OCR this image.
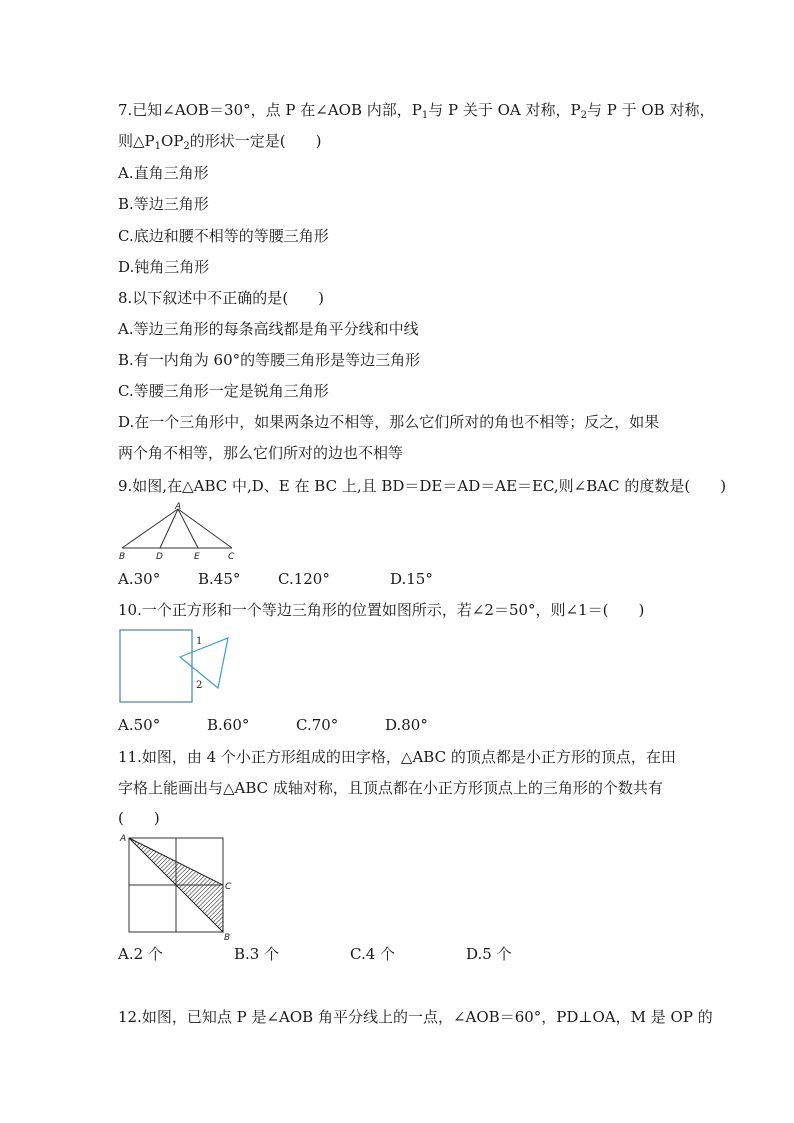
7.已知∠AOB＝30°，点 P 在∠AOB 内部，$P_1$与 P 关于 OA 对称，$P_2$与 P 于 OB 对称，
则$\triangle P_1OP_2$的形状一定是(　　)
A.直角三角形
B.等边三角形
C.底边和腰不相等的等腰三角形
D.钝角三角形
8.以下叙述中不正确的是(　　)
A.等边三角形的每条高线都是角平分线和中线
B.有一内角为 60°的等腰三角形是等边三角形
C.等腰三角形一定是锐角三角形
D.在一个三角形中，如果两条边不相等，那么它们所对的角也不相等；反之，如果
两个角不相等，那么它们所对的边也不相等
9.如图,在△ABC 中,D、E 在 BC 上,且 BD＝DE＝AD＝AE＝EC,则∠BAC 的度数是(　　)
A
B	D	E	C
A.30°	B.45°	C.120°	D.15°
10.一个正方形和一个等边三角形的位置如图所示，若∠2＝50°，则∠1＝(　　)
1
2
A.50°	B.60°	C.70°	D.80°
11.如图，由 4 个小正方形组成的田字格，△ABC 的顶点都是小正方形的顶点，在田
字格上能画出与△ABC 成轴对称，且顶点都在小正方形顶点上的三角形的个数共有
(　　)
A
C
B
A.2 个	B.3 个	C.4 个	D.5 个
12.如图，已知点 P 是∠AOB 角平分线上的一点，∠AOB＝60°，PD⊥OA，M 是 OP 的
